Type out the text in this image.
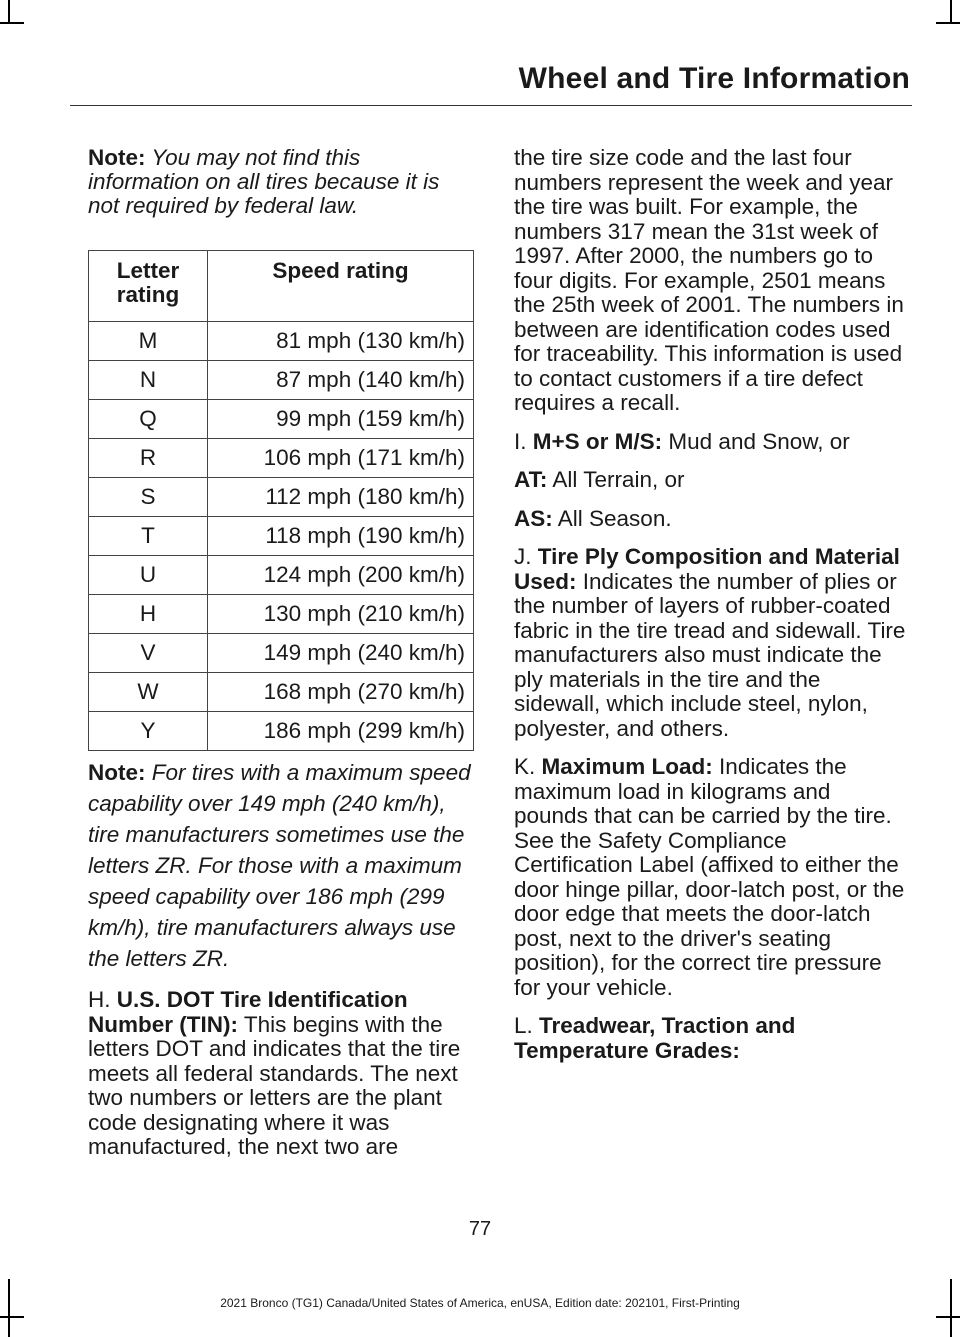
Wheel and Tire Information

Note: You may not find this information on all tires because it is not required by federal law.

Letter rating	Speed rating
M	81 mph (130 km/h)
N	87 mph (140 km/h)
Q	99 mph (159 km/h)
R	106 mph (171 km/h)
S	112 mph (180 km/h)
T	118 mph (190 km/h)
U	124 mph (200 km/h)
H	130 mph (210 km/h)
V	149 mph (240 km/h)
W	168 mph (270 km/h)
Y	186 mph (299 km/h)

Note: For tires with a maximum speed capability over 149 mph (240 km/h), tire manufacturers sometimes use the letters ZR. For those with a maximum speed capability over 186 mph (299 km/h), tire manufacturers always use the letters ZR.

H. U.S. DOT Tire Identification Number (TIN): This begins with the letters DOT and indicates that the tire meets all federal standards. The next two numbers or letters are the plant code designating where it was manufactured, the next two are

the tire size code and the last four numbers represent the week and year the tire was built. For example, the numbers 317 mean the 31st week of 1997. After 2000, the numbers go to four digits. For example, 2501 means the 25th week of 2001. The numbers in between are identification codes used for traceability. This information is used to contact customers if a tire defect requires a recall.

I. M+S or M/S: Mud and Snow, or

AT: All Terrain, or

AS: All Season.

J. Tire Ply Composition and Material Used: Indicates the number of plies or the number of layers of rubber-coated fabric in the tire tread and sidewall. Tire manufacturers also must indicate the ply materials in the tire and the sidewall, which include steel, nylon, polyester, and others.

K. Maximum Load: Indicates the maximum load in kilograms and pounds that can be carried by the tire. See the Safety Compliance Certification Label (affixed to either the door hinge pillar, door-latch post, or the door edge that meets the door-latch post, next to the driver's seating position), for the correct tire pressure for your vehicle.

L. Treadwear, Traction and Temperature Grades:

77
2021 Bronco (TG1) Canada/United States of America, enUSA, Edition date: 202101, First-Printing
